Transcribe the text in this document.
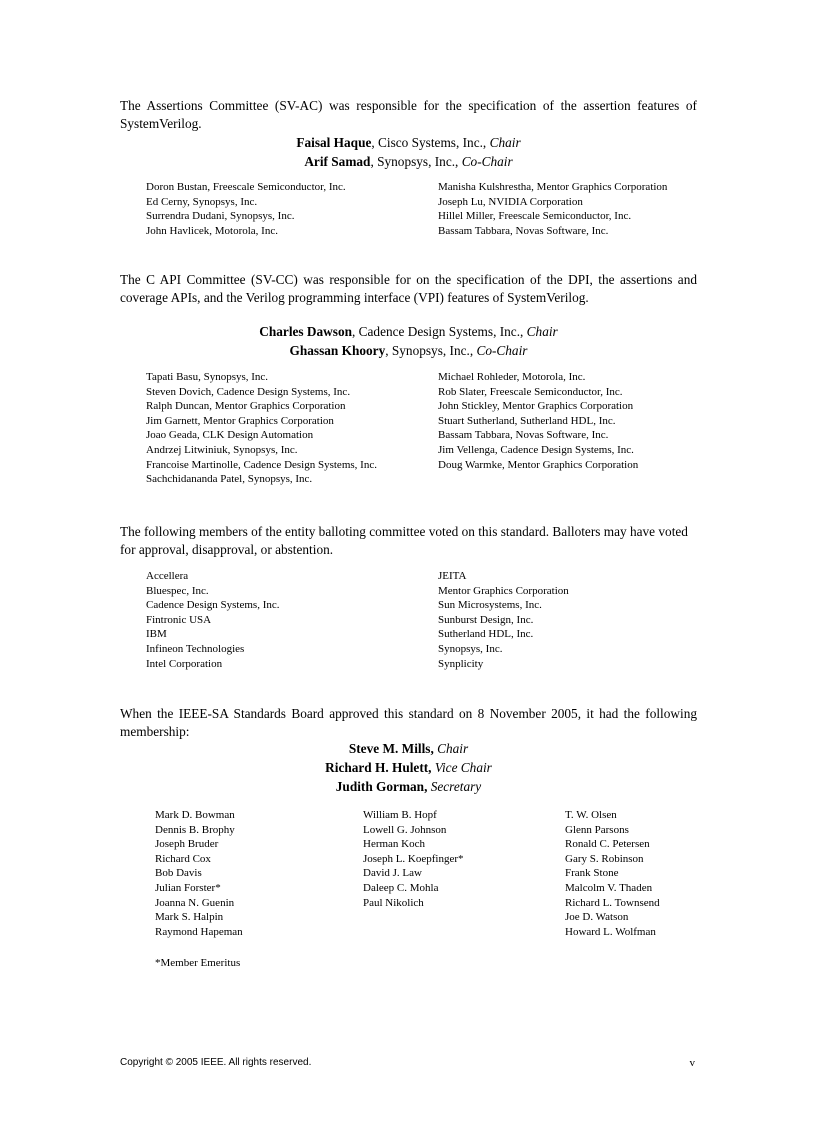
The Assertions Committee (SV-AC) was responsible for the specification of the assertion features of SystemVerilog.

Faisal Haque, Cisco Systems, Inc., Chair
Arif Samad, Synopsys, Inc., Co-Chair
Doron Bustan, Freescale Semiconductor, Inc.
Ed Cerny, Synopsys, Inc.
Surrendra Dudani, Synopsys, Inc.
John Havlicek, Motorola, Inc.
Manisha Kulshrestha, Mentor Graphics Corporation
Joseph Lu, NVIDIA Corporation
Hillel Miller, Freescale Semiconductor, Inc.
Bassam Tabbara, Novas Software, Inc.

The C API Committee (SV-CC) was responsible for on the specification of the DPI, the assertions and coverage APIs, and the Verilog programming interface (VPI) features of SystemVerilog.

Charles Dawson, Cadence Design Systems, Inc., Chair
Ghassan Khoory, Synopsys, Inc., Co-Chair
Tapati Basu, Synopsys, Inc.
Steven Dovich, Cadence Design Systems, Inc.
Ralph Duncan, Mentor Graphics Corporation
Jim Garnett, Mentor Graphics Corporation
Joao Geada, CLK Design Automation
Andrzej Litwiniuk, Synopsys, Inc.
Francoise Martinolle, Cadence Design Systems, Inc.
Sachchidananda Patel, Synopsys, Inc.
Michael Rohleder, Motorola, Inc.
Rob Slater, Freescale Semiconductor, Inc.
John Stickley, Mentor Graphics Corporation
Stuart Sutherland, Sutherland HDL, Inc.
Bassam Tabbara, Novas Software, Inc.
Jim Vellenga, Cadence Design Systems, Inc.
Doug Warmke, Mentor Graphics Corporation

The following members of the entity balloting committee voted on this standard. Balloters may have voted for approval, disapproval, or abstention.

Accellera
Bluespec, Inc.
Cadence Design Systems, Inc.
Fintronic USA
IBM
Infineon Technologies
Intel Corporation
JEITA
Mentor Graphics Corporation
Sun Microsystems, Inc.
Sunburst Design, Inc.
Sutherland HDL, Inc.
Synopsys, Inc.
Synplicity

When the IEEE-SA Standards Board approved this standard on 8 November 2005, it had the following membership:

Steve M. Mills, Chair
Richard H. Hulett, Vice Chair
Judith Gorman, Secretary
Mark D. Bowman
Dennis B. Brophy
Joseph Bruder
Richard Cox
Bob Davis
Julian Forster*
Joanna N. Guenin
Mark S. Halpin
Raymond Hapeman
William B. Hopf
Lowell G. Johnson
Herman Koch
Joseph L. Koepfinger*
David J. Law
Daleep C. Mohla
Paul Nikolich
T. W. Olsen
Glenn Parsons
Ronald C. Petersen
Gary S. Robinson
Frank Stone
Malcolm V. Thaden
Richard L. Townsend
Joe D. Watson
Howard L. Wolfman
*Member Emeritus
Copyright © 2005 IEEE. All rights reserved.	v
